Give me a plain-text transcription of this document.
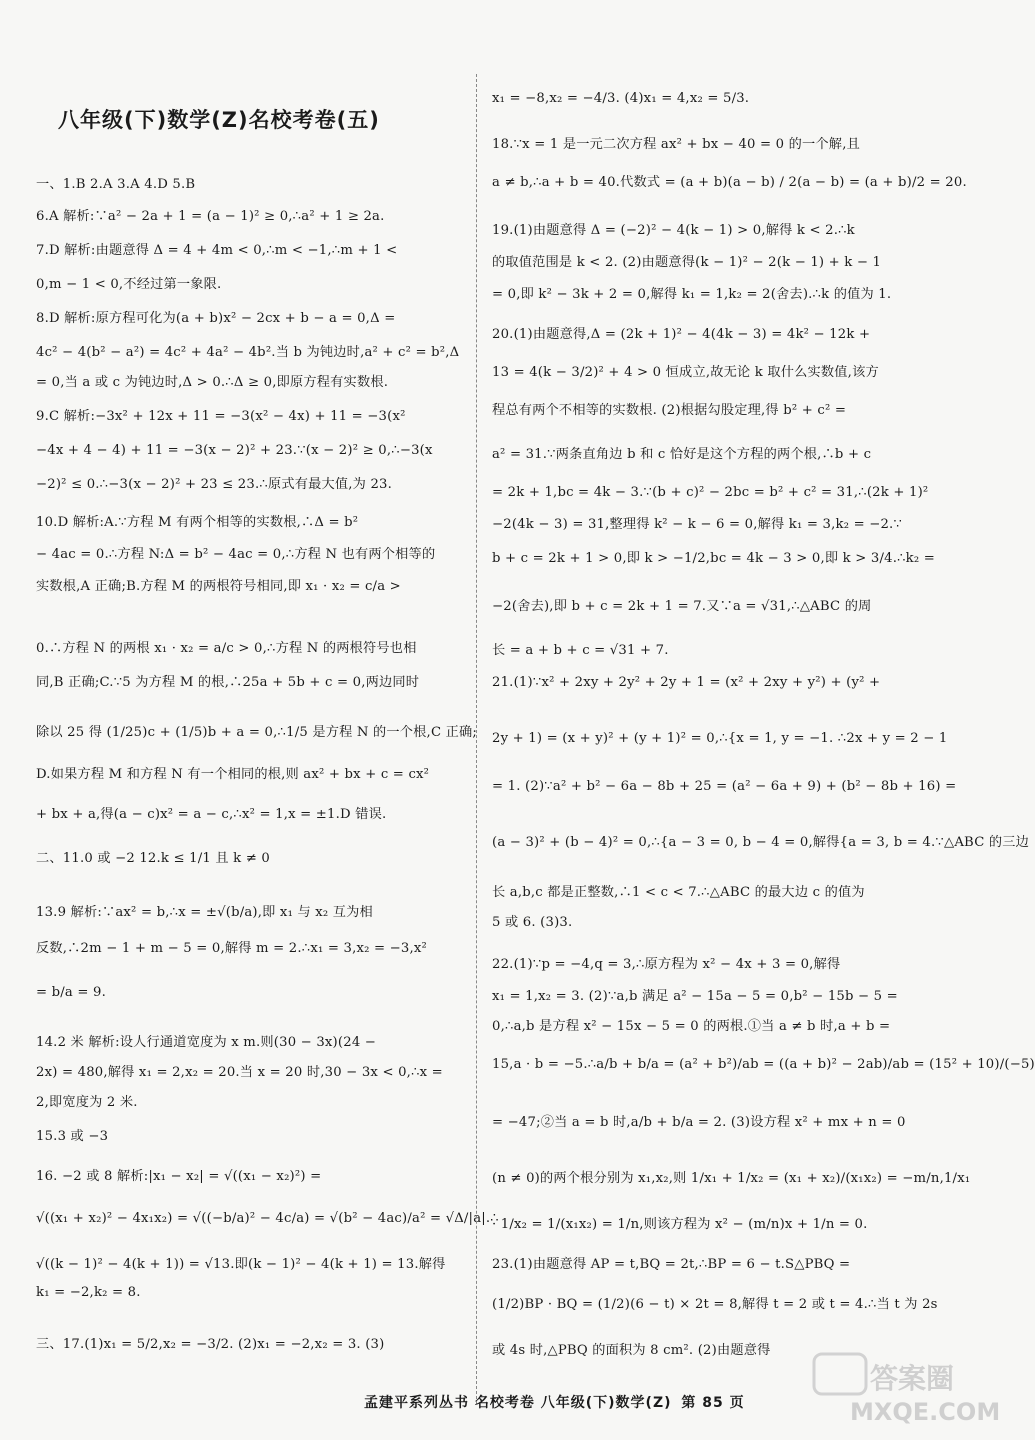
八年级(下)数学(Z)名校考卷(五)
一、1.B 2.A 3.A 4.D 5.B
6.A 解析:∵a² − 2a + 1 = (a − 1)² ≥ 0,∴a² + 1 ≥ 2a.
7.D 解析:由题意得 Δ = 4 + 4m < 0,∴m < −1,∴m + 1 <
0,m − 1 < 0,不经过第一象限.
8.D 解析:原方程可化为(a + b)x² − 2cx + b − a = 0,Δ =
4c² − 4(b² − a²) = 4c² + 4a² − 4b².当 b 为钝边时,a² + c² = b²,Δ
= 0,当 a 或 c 为钝边时,Δ > 0.∴Δ ≥ 0,即原方程有实数根.
9.C 解析:−3x² + 12x + 11 = −3(x² − 4x) + 11 = −3(x²
−4x + 4 − 4) + 11 = −3(x − 2)² + 23.∵(x − 2)² ≥ 0,∴−3(x
−2)² ≤ 0.∴−3(x − 2)² + 23 ≤ 23.∴原式有最大值,为 23.
10.D 解析:A.∵方程 M 有两个相等的实数根,∴Δ = b²
− 4ac = 0.∴方程 N:Δ = b² − 4ac = 0,∴方程 N 也有两个相等的
实数根,A 正确;B.方程 M 的两根符号相同,即 x₁ · x₂ = c/a >
0.∴方程 N 的两根 x₁ · x₂ = a/c > 0,∴方程 N 的两根符号也相
同,B 正确;C.∵5 为方程 M 的根,∴25a + 5b + c = 0,两边同时
除以 25 得 (1/25)c + (1/5)b + a = 0,∴1/5 是方程 N 的一个根,C 正确;
D.如果方程 M 和方程 N 有一个相同的根,则 ax² + bx + c = cx²
+ bx + a,得(a − c)x² = a − c,∴x² = 1,x = ±1.D 错误.
二、11.0 或 −2 12.k ≤ 1/1 且 k ≠ 0
13.9 解析:∵ax² = b,∴x = ±√(b/a),即 x₁ 与 x₂ 互为相
反数,∴2m − 1 + m − 5 = 0,解得 m = 2.∴x₁ = 3,x₂ = −3,x²
= b/a = 9.
14.2 米 解析:设人行通道宽度为 x m.则(30 − 3x)(24 −
2x) = 480,解得 x₁ = 2,x₂ = 20.当 x = 20 时,30 − 3x < 0,∴x =
2,即宽度为 2 米.
15.3 或 −3
16. −2 或 8 解析:|x₁ − x₂| = √((x₁ − x₂)²) =
√((x₁ + x₂)² − 4x₁x₂) = √((−b/a)² − 4c/a) = √(b² − 4ac)/a² = √Δ/|a|.∴
√((k − 1)² − 4(k + 1)) = √13.即(k − 1)² − 4(k + 1) = 13.解得
k₁ = −2,k₂ = 8.
三、17.(1)x₁ = 5/2,x₂ = −3/2. (2)x₁ = −2,x₂ = 3. (3)
x₁ = −8,x₂ = −4/3. (4)x₁ = 4,x₂ = 5/3.
18.∵x = 1 是一元二次方程 ax² + bx − 40 = 0 的一个解,且
a ≠ b,∴a + b = 40.代数式 = (a + b)(a − b) / 2(a − b) = (a + b)/2 = 20.
19.(1)由题意得 Δ = (−2)² − 4(k − 1) > 0,解得 k < 2.∴k
的取值范围是 k < 2. (2)由题意得(k − 1)² − 2(k − 1) + k − 1
= 0,即 k² − 3k + 2 = 0,解得 k₁ = 1,k₂ = 2(舍去).∴k 的值为 1.
20.(1)由题意得,Δ = (2k + 1)² − 4(4k − 3) = 4k² − 12k +
13 = 4(k − 3/2)² + 4 > 0 恒成立,故无论 k 取什么实数值,该方
程总有两个不相等的实数根. (2)根据勾股定理,得 b² + c² =
a² = 31.∵两条直角边 b 和 c 恰好是这个方程的两个根,∴b + c
= 2k + 1,bc = 4k − 3.∵(b + c)² − 2bc = b² + c² = 31,∴(2k + 1)²
−2(4k − 3) = 31,整理得 k² − k − 6 = 0,解得 k₁ = 3,k₂ = −2.∵
b + c = 2k + 1 > 0,即 k > −1/2,bc = 4k − 3 > 0,即 k > 3/4.∴k₂ =
−2(舍去),即 b + c = 2k + 1 = 7.又∵a = √31,∴△ABC 的周
长 = a + b + c = √31 + 7.
21.(1)∵x² + 2xy + 2y² + 2y + 1 = (x² + 2xy + y²) + (y² +
2y + 1) = (x + y)² + (y + 1)² = 0,∴{x = 1, y = −1. ∴2x + y = 2 − 1
= 1. (2)∵a² + b² − 6a − 8b + 25 = (a² − 6a + 9) + (b² − 8b + 16) =
(a − 3)² + (b − 4)² = 0,∴{a − 3 = 0, b − 4 = 0,解得{a = 3, b = 4.∵△ABC 的三边
长 a,b,c 都是正整数,∴1 < c < 7.∴△ABC 的最大边 c 的值为
5 或 6. (3)3.
22.(1)∵p = −4,q = 3,∴原方程为 x² − 4x + 3 = 0,解得
x₁ = 1,x₂ = 3. (2)∵a,b 满足 a² − 15a − 5 = 0,b² − 15b − 5 =
0,∴a,b 是方程 x² − 15x − 5 = 0 的两根.①当 a ≠ b 时,a + b =
15,a · b = −5.∴a/b + b/a = (a² + b²)/ab = ((a + b)² − 2ab)/ab = (15² + 10)/(−5)
= −47;②当 a = b 时,a/b + b/a = 2. (3)设方程 x² + mx + n = 0
(n ≠ 0)的两个根分别为 x₁,x₂,则 1/x₁ + 1/x₂ = (x₁ + x₂)/(x₁x₂) = −m/n,1/x₁
· 1/x₂ = 1/(x₁x₂) = 1/n,则该方程为 x² − (m/n)x + 1/n = 0.
23.(1)由题意得 AP = t,BQ = 2t,∴BP = 6 − t.S△PBQ =
(1/2)BP · BQ = (1/2)(6 − t) × 2t = 8,解得 t = 2 或 t = 4.∴当 t 为 2s
或 4s 时,△PBQ 的面积为 8 cm². (2)由题意得
孟建平系列丛书 名校考卷 八年级(下)数学(Z) 第 85 页
答案圈
MXQE.COM
